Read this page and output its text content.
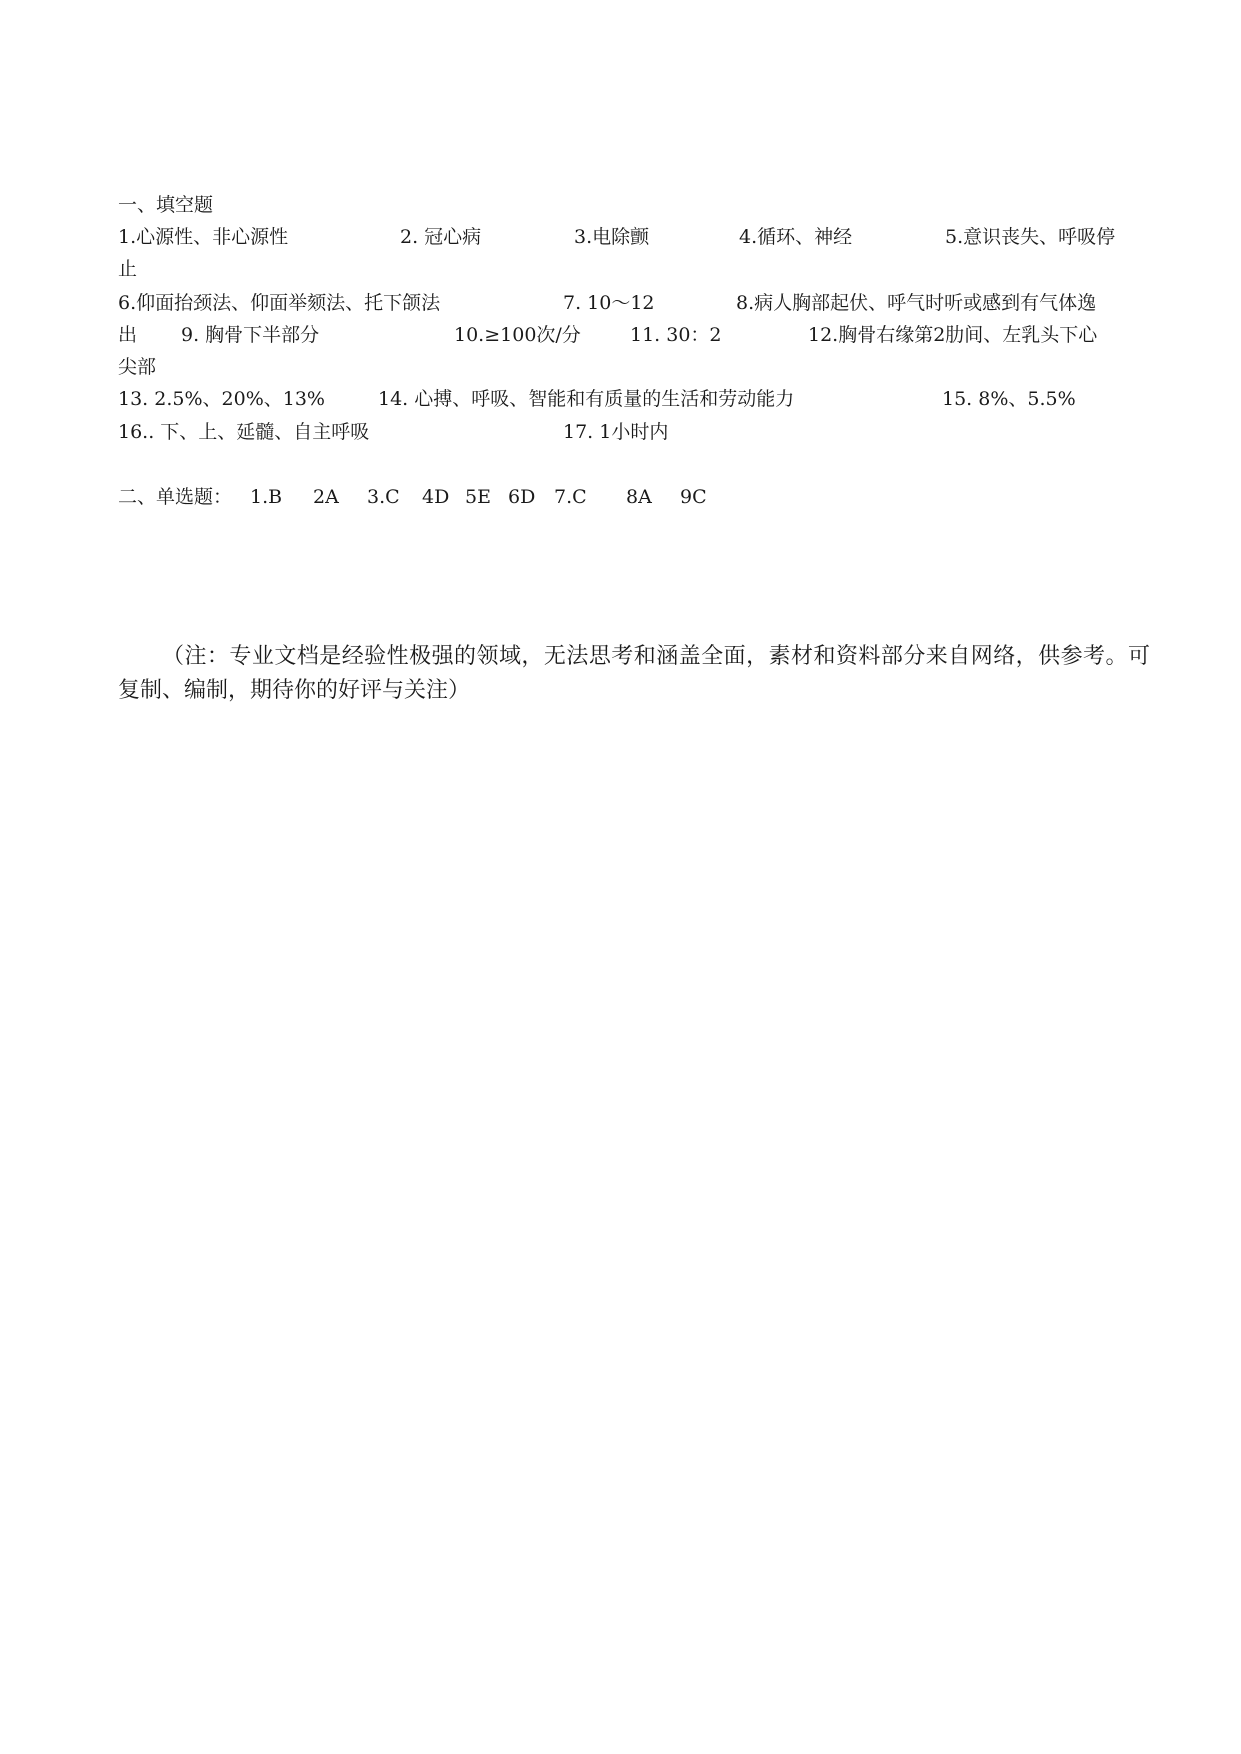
一、填空题
1.心源性、非心源性	2. 冠心病	3.电除颤	4.循环、神经	5.意识丧失、呼吸停
止
6.仰面抬颈法、仰面举颏法、托下颌法	7. 10～12	8.病人胸部起伏、呼气时听或感到有气体逸
出 9. 胸骨下半部分	10.≥100次/分	11. 30：2	12.胸骨右缘第2肋间、左乳头下心
尖部
13. 2.5%、20%、13%	14. 心搏、呼吸、智能和有质量的生活和劳动能力	15. 8%、5.5%
16.. 下、上、延髓、自主呼吸	17. 1小时内
二、单选题： 1.B 2A 3.C 4D 5E 6D 7.C 8A 9C
（注：专业文档是经验性极强的领域，无法思考和涵盖全面，素材和资料部分来自网络，供参考。可复制、编制，期待你的好评与关注）
